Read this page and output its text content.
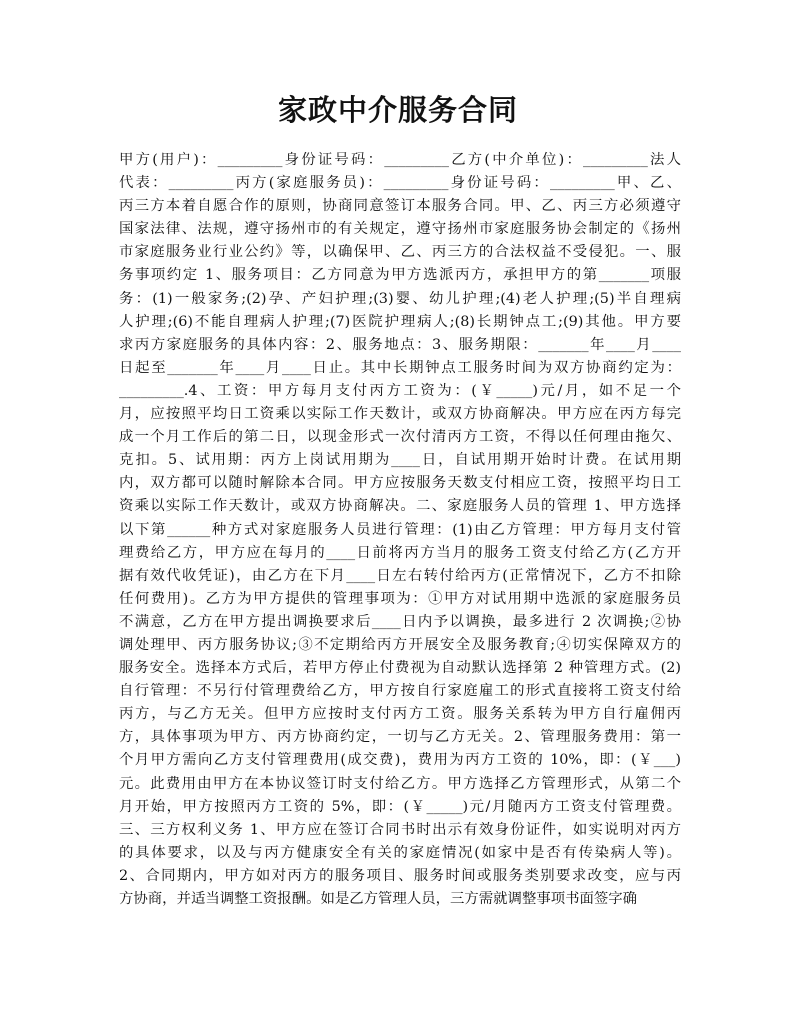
家政中介服务合同
甲方(用户)：_________身份证号码：_________乙方(中介单位)：_________法人
代表：_________丙方(家庭服务员)：_________身份证号码：_________甲、乙、
丙三方本着自愿合作的原则，协商同意签订本服务合同。甲、乙、丙三方必须遵守
国家法律、法规，遵守扬州市的有关规定，遵守扬州市家庭服务协会制定的《扬州
市家庭服务业行业公约》等，以确保甲、乙、丙三方的合法权益不受侵犯。一、服
务事项约定 1、服务项目：乙方同意为甲方选派丙方，承担甲方的第_______项服
务：(1)一般家务;(2)孕、产妇护理;(3)婴、幼儿护理;(4)老人护理;(5)半自理病
人护理;(6)不能自理病人护理;(7)医院护理病人;(8)长期钟点工;(9)其他。甲方要
求丙方家庭服务的具体内容：2、服务地点：3、服务期限：_______年____月____
日起至_______年____月____日止。其中长期钟点工服务时间为双方协商约定为：
_________.4、工资：甲方每月支付丙方工资为：(￥_____)元/月，如不足一个
月，应按照平均日工资乘以实际工作天数计，或双方协商解决。甲方应在丙方每完
成一个月工作后的第二日，以现金形式一次付清丙方工资，不得以任何理由拖欠、
克扣。5、试用期：丙方上岗试用期为____日，自试用期开始时计费。在试用期
内，双方都可以随时解除本合同。甲方应按服务天数支付相应工资，按照平均日工
资乘以实际工作天数计，或双方协商解决。二、家庭服务人员的管理 1、甲方选择
以下第______种方式对家庭服务人员进行管理：(1)由乙方管理：甲方每月支付管
理费给乙方，甲方应在每月的____日前将丙方当月的服务工资支付给乙方(乙方开
据有效代收凭证)，由乙方在下月____日左右转付给丙方(正常情况下，乙方不扣除
任何费用)。乙方为甲方提供的管理事项为：①甲方对试用期中选派的家庭服务员
不满意，乙方在甲方提出调换要求后____日内予以调换，最多进行 2 次调换;②协
调处理甲、丙方服务协议;③不定期给丙方开展安全及服务教育;④切实保障双方的
服务安全。选择本方式后，若甲方停止付费视为自动默认选择第 2 种管理方式。(2)
自行管理：不另行付管理费给乙方，甲方按自行家庭雇工的形式直接将工资支付给
丙方，与乙方无关。但甲方应按时支付丙方工资。服务关系转为甲方自行雇佣丙
方，具体事项为甲方、丙方协商约定，一切与乙方无关。2、管理服务费用：第一
个月甲方需向乙方支付管理费用(成交费)，费用为丙方工资的 10%，即：(￥___)
元。此费用由甲方在本协议签订时支付给乙方。甲方选择乙方管理形式，从第二个
月开始，甲方按照丙方工资的 5%，即：(￥_____)元/月随丙方工资支付管理费。
三、三方权利义务 1、甲方应在签订合同书时出示有效身份证件，如实说明对丙方
的具体要求，以及与丙方健康安全有关的家庭情况(如家中是否有传染病人等)。
2、合同期内，甲方如对丙方的服务项目、服务时间或服务类别要求改变，应与丙
方协商，并适当调整工资报酬。如是乙方管理人员，三方需就调整事项书面签字确
